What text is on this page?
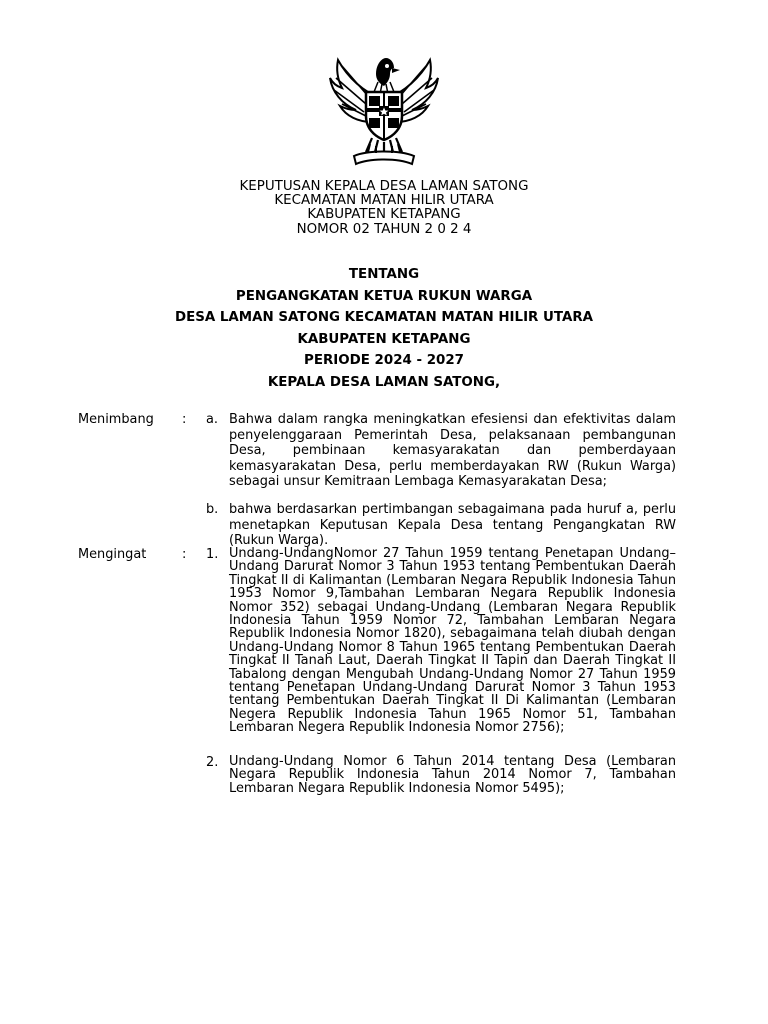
KEPUTUSAN KEPALA DESA LAMAN SATONG
KECAMATAN MATAN HILIR UTARA
KABUPATEN KETAPANG
NOMOR 02 TAHUN 2 0 2 4
TENTANG
PENGANGKATAN KETUA RUKUN WARGA
DESA LAMAN SATONG KECAMATAN MATAN HILIR UTARA
KABUPATEN KETAPANG
PERIODE 2024 - 2027
KEPALA DESA LAMAN SATONG,
Menimbang : a. Bahwa dalam rangka meningkatkan efesiensi dan efektivitas dalam penyelenggaraan Pemerintah Desa, pelaksanaan pembangunan Desa, pembinaan kemasyarakatan dan pemberdayaan kemasyarakatan Desa, perlu memberdayakan RW (Rukun Warga) sebagai unsur Kemitraan Lembaga Kemasyarakatan Desa;
b. bahwa berdasarkan pertimbangan sebagaimana pada huruf a, perlu menetapkan Keputusan Kepala Desa tentang Pengangkatan RW (Rukun Warga).
Mengingat	: 1. Undang-UndangNomor 27 Tahun 1959 tentang Penetapan Undang–Undang Darurat Nomor 3 Tahun 1953 tentang Pembentukan Daerah Tingkat II di Kalimantan (Lembaran Negara Republik Indonesia Tahun 1953 Nomor 9,Tambahan Lembaran Negara Republik Indonesia Nomor 352) sebagai Undang-Undang (Lembaran Negara Republik Indonesia Tahun 1959 Nomor 72, Tambahan Lembaran Negara Republik Indonesia Nomor 1820), sebagaimana telah diubah dengan Undang-Undang Nomor 8 Tahun 1965 tentang Pembentukan Daerah Tingkat II Tanah Laut, Daerah Tingkat II Tapin dan Daerah Tingkat II Tabalong dengan Mengubah Undang-Undang Nomor 27 Tahun 1959 tentang Penetapan Undang-Undang Darurat Nomor 3 Tahun 1953 tentang Pembentukan Daerah Tingkat II Di Kalimantan (Lembaran Negera Republik Indonesia Tahun 1965 Nomor 51, Tambahan Lembaran Negera Republik Indonesia Nomor 2756);
2. Undang-Undang Nomor 6 Tahun 2014 tentang Desa (Lembaran Negara Republik Indonesia Tahun 2014 Nomor 7, Tambahan Lembaran Negara Republik Indonesia Nomor 5495);
